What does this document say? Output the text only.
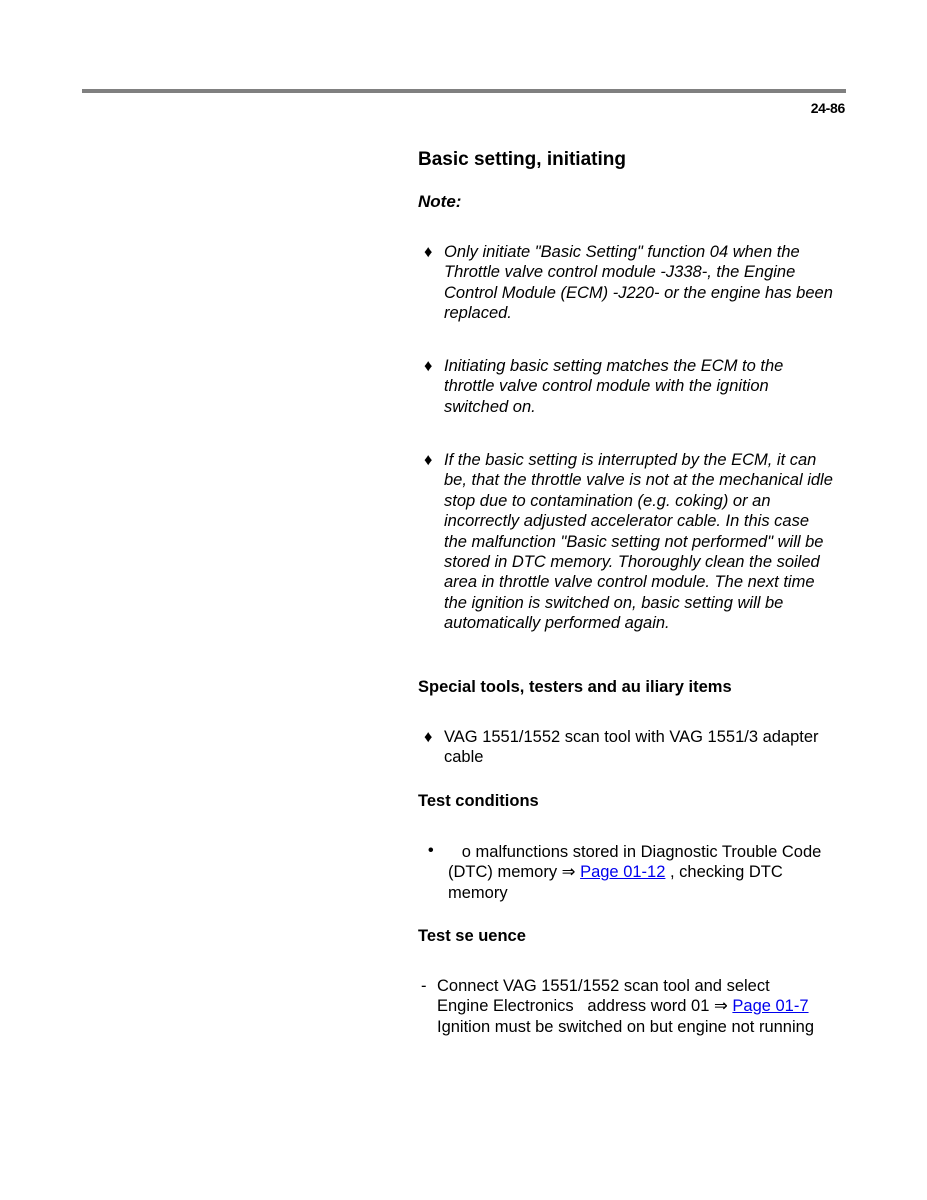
24-86
Basic setting, initiating
Note:
♦ Only initiate "Basic Setting" function 04 when the Throttle valve control module -J338-, the Engine Control Module (ECM) -J220- or the engine has been replaced.
♦ Initiating basic setting matches the ECM to the throttle valve control module with the ignition switched on.
♦ If the basic setting is interrupted by the ECM, it can be, that the throttle valve is not at the mechanical idle stop due to contamination (e.g. coking) or an incorrectly adjusted accelerator cable. In this case the malfunction "Basic setting not performed" will be stored in DTC memory. Thoroughly clean the soiled area in throttle valve control module. The next time the ignition is switched on, basic setting will be automatically performed again.
Special tools, testers and au iliary items
♦ VAG 1551/1552 scan tool with VAG 1551/3 adapter cable
Test conditions
• o malfunctions stored in Diagnostic Trouble Code (DTC) memory ⇒ Page 01-12 , checking DTC memory
Test se uence
- Connect VAG 1551/1552 scan tool and select   Engine Electronics   address word 01 ⇒ Page 01-7   Ignition must be switched on but engine not running
